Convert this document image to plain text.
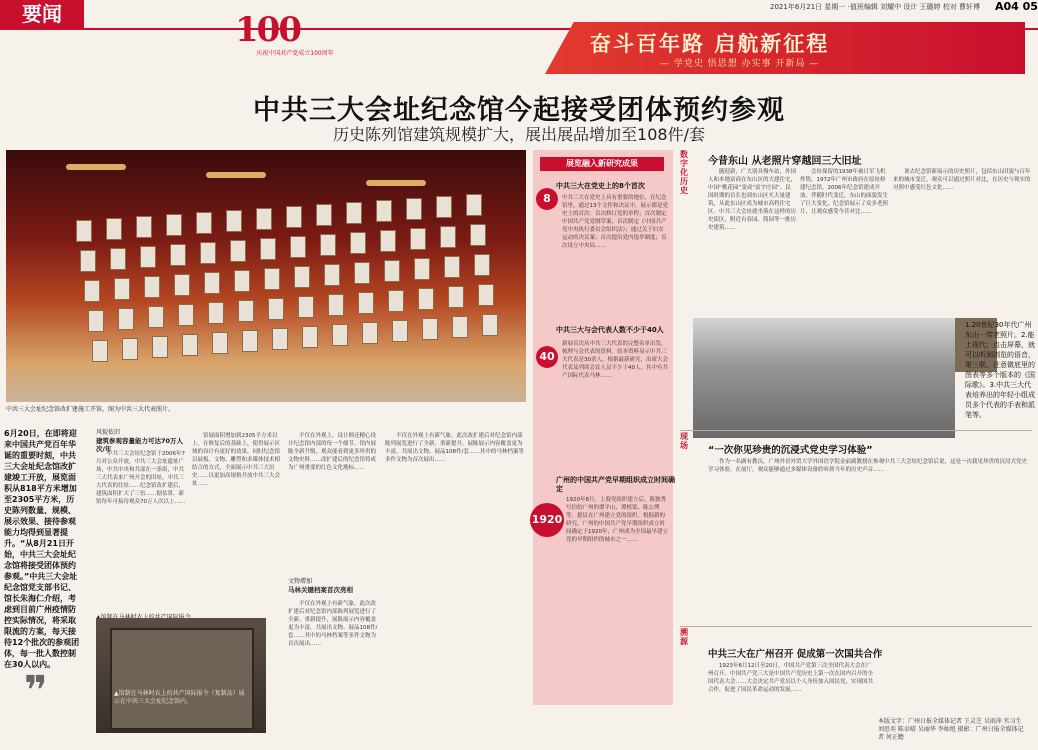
要闻	2021年6月21日 星期一 ·值班编辑 刘耀中 设计 王璐婷 校对 曹轩博 A04 05
100
庆祝中国共产党成立100周年	奋斗百年路 启航新征程
— 学党史 悟思想 办实事 开新局 —
中共三大会址纪念馆今起接受团体预约参观
历史陈列馆建筑规模扩大，展出展品增加至108件/套
中共三大会址纪念馆改扩建施工开馆，图为中共三大代表照片。
展览融入新研究成果
中共三大在党史上的8个首次
8	中共三大在党史上具有重要的地位，在纪念馆里，通过13个文件和决议中，展示都是党史上的首次：首次修订党的章程；首次制定中国共产党党纲草案；首次制定《中国共产党中央执行委员会组织法》；通过关于妇女运动的决议案；首次提出党内选举制度；首次设立中央局……
中共三大与会代表人数不少于40人
40
新展首次从中共三大代表的完整名单出发，梳理与会代表的资料。原本资料显示中共三大代表是30余人，根据最新研究，出席大会代表及列席会议人员不少于40人，其中有共产国际代表马林……
广州的中国共产党早期组织成立时间确定
1920
1920年8月，上海党组织建立后，陈独秀写信给广州的谭平山、谭植棠、陈公博等，提议在广州建立党的组织。根据新的研究，广州的中国共产党早期组织成立时间确定于1920年，广州成为全国最早建立党的早期组织的城市之一……
数字化历史
今昔东山 从老照片穿越回三大旧址
随迎新，广大别具慢车站，外国人和本地富商在东山区的大建住宅，中国“桃花园”变成“富宇庄园”。民国时期的首长也到东山区买大量建筑，从此东山区成为城市高档住宅区。中共三大会址就坐落在这样的历史街区，附近有春园、简园等一批历史建筑……
会址保留的1938年被日军飞机炸毁，1972年广州市政府在原址修建纪念馆，2006年纪念馆建成开放。伴随时代变迁，东山的面貌发生了巨大变化，纪念馆展示了众多老照片，让观众感受今昔对比……
暑去纪念馆新展示的历史照片，包括东山旧貌与百年来的城市变迁。观众可以通过照片对比，在历史与现实的对照中感受红色文化……
1.20世纪30年代广州东山一带老照片。2.能上现代；点击屏幕，就可以听到浏览的语音，第三联。注意微底里的图表等多个版本的《国际歌》。3.中共三大代表培养出的年轻小组成员多个代表的手表和派笔等。
现场	“一次你见珍贵的沉浸式党史学习体验”
作为一名副有教员，广州外语外贸大学外国语学院金前副教授在参观中共三大会址纪念馆后说，这是一次我见珍贵的沉浸式党史学习体验。在展厅，观众能够通过多媒体设备聆听到当年的历史声音……
溯源
中共三大在广州召开 促成第一次国共合作
1923年6月12日至20日，中国共产党第三次全国代表大会在广州召开。中国共产党三大是中国共产党历史上第一次在国内召开的全国代表大会……大会决定共产党员以个人身份加入国民党，实现国共合作，促进了国民革命运动的发展……
本版文字：广州日报全媒体记者 王灵芝 吴雨萍 实习生 刘思奕 陈卓晴 吴丽华 李灿旭 摄影：广州日报全媒体记者 何正瞻
6月20日，在即将迎来中国共产党百年华诞的重要时刻，中共三大会址纪念馆改扩建竣工开放，展览面积从818平方米增加至2305平方米，历史陈列数量、规模、展示效果、接待参观能力均得到显著提升。“从8月21日开始，中共三大会址纪念馆将接受团体预约参观。”中共三大会址纪念馆党支部书记、馆长朱海仁介绍，考虑到目前广州疫情防控实际情况，将采取限流的方案，每天接待12个批次的参观团体，每一批人数控制在30人以内。
❞
风貌依旧
建筑参观容量能力可达70万人次/年
中共三大会址纪念馆于2006年7月对公众开放，中共三大会址遗址广场，中共中央和共部在一条街，中共三大代表来广州开会的旧址，中共三大代表的住址……纪念馆改扩建后，建筑面积扩大了三倍……据估算，新馆每年可接待观众70万人次以上……
馆展面积增加到2305平方米以上，在修复后的基础上，使得展示区域的设计有更好的效果，同时纪念馆以展板、文物、雕塑和多媒体技术相结合的方式，全面展示中共三大历史……以更加高规格开放中共三大会址……
不仅在外观上，设计师还精心设计纪念馆内部的每一个细节。馆内展陈全新升级，观众能看到更多珍贵的文物史料……改扩建后的纪念馆将成为广州重要的红色文化地标……
文物增加
马林关键档案首次亮相
不仅在外观上有新气象，此次改扩建后对纪念馆内部陈列展览进行了全新、重新提升，展陈展示内容覆盖更为丰富，共展出文物、展品108件/套……其中的马林档案等多件文物为首次展出……
不仅在外观上有新气象，此次改扩建后对纪念馆内部陈列展览进行了全新、重新提升，展陈展示内容覆盖更为丰富，共展出文物、展品108件/套……其中的马林档案等多件文物为首次展出……
▲馆制在马林时衣上的共产国际报令（复制品）展示在中共三大会址纪念馆内。
